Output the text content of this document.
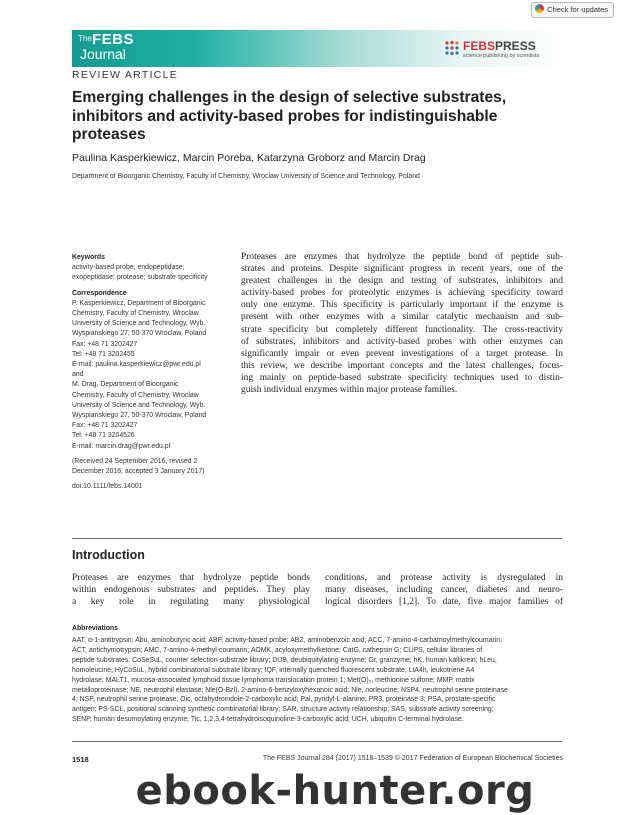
Check for updates
The FEBS
Journal	FEBSPRESS
science publishing by scientists
REVIEW ARTICLE
Emerging challenges in the design of selective substrates, inhibitors and activity-based probes for indistinguishable proteases
Paulina Kasperkiewicz, Marcin Poreba, Katarzyna Groborz and Marcin Drag
Department of Bioorganic Chemistry, Faculty of Chemistry, Wroclaw University of Science and Technology, Poland
Keywords
activity-based probe; endopeptidase;
exopeptidase; protease; substrate specificity
Correspondence
P. Kasperkiewicz, Department of Bioorganic
Chemistry, Faculty of Chemistry, Wroclaw
University of Science and Technology, Wyb.
Wyspianskiego 27, 50-370 Wroclaw, Poland
Fax: +48 71 3202427
Tel: +48 71 3202455
E-mail: paulina.kasperkiewicz@pwr.edu.pl
and
M. Drag, Department of Bioorganic
Chemistry, Faculty of Chemistry, Wroclaw
University of Science and Technology, Wyb.
Wyspianskiego 27, 50-370 Wroclaw, Poland
Fax: +48 71 3202427
Tel: +48 71 3204526
E-mail: marcin.drag@pwr.edu.pl
(Received 24 September 2016, revised 2
December 2016, accepted 3 January 2017)
doi:10.1111/febs.14001
Proteases are enzymes that hydrolyze the peptide bond of peptide sub-
strates and proteins. Despite significant progress in recent years, one of the
greatest challenges in the design and testing of substrates, inhibitors and
activity-based probes for proteolytic enzymes is achieving specificity toward
only one enzyme. This specificity is particularly important if the enzyme is
present with other enzymes with a similar catalytic mechanism and sub-
strate specificity but completely different functionality. The cross-reactivity
of substrates, inhibitors and activity-based probes with other enzymes can
significantly impair or even prevent investigations of a target protease. In
this review, we describe important concepts and the latest challenges, focus-
ing mainly on peptide-based substrate specificity techniques used to distin-
guish individual enzymes within major protease families.
Introduction
Proteases are enzymes that hydrolyze peptide bonds
within endogenous substrates and peptides. They play
a key role in regulating many physiological
conditions, and protease activity is dysregulated in
many diseases, including cancer, diabetes and neuro-
logical disorders [1,2]. To date, five major families of
Abbreviations
AAT, α-1-antitrypsin; Abu, aminobutyric acid; ABP, activity-based probe; ABZ, aminobenzoic acid; ACC, 7-amino-4-carbamoylmethylcoumarin;
ACT, antichymotrypsin; AMC, 7-amino-4-methyl-coumarin; AOMK, acyloxymethylketone; CatG, cathepsin G; CLiPS, cellular libraries of
peptide substrates; CoSeSuL, counter selection substrate library; DUB, deubiquitylating enzyme; Gr, granzyme; hK, human kallikrein; hLeu,
homoleucine; HyCoSuL, hybrid combinatorial substrate library; IQF, internally quenched fluorescent substrate; LtA4h, leukotriene A4
hydrolase; MALT1, mucosa-associated lymphoid tissue lymphoma translocation protein 1; Met(O)₂, methionine sulfone; MMP, matrix
metalloproteinase; NE, neutrophil elastase; Nle(O-Bzl), 2-amino-6-benzyloxyhexanoic acid; Nle, norleucine; NSP4, neutrophil serine proteinase
4; NSP, neutrophil serine protease; Oic, octahydroindole-2-carboxylic acid; Pal, pyridyl-L-alanine; PR3, proteinase 3; PSA, prostate-specific
antigen; PS-SCL, positional scanning synthetic combinatorial library; SAR, structure activity relationship; SAS, substrate activity screening;
SENP, human desumoylating enzyme; Tic, 1,2,3,4-tetrahydroisoquinoline-3-carboxylic acid; UCH, ubiquitin C-terminal hydrolase.
1518	The FEBS Journal 284 (2017) 1518–1539 © 2017 Federation of European Biochemical Societies
ebook-hunter.org
